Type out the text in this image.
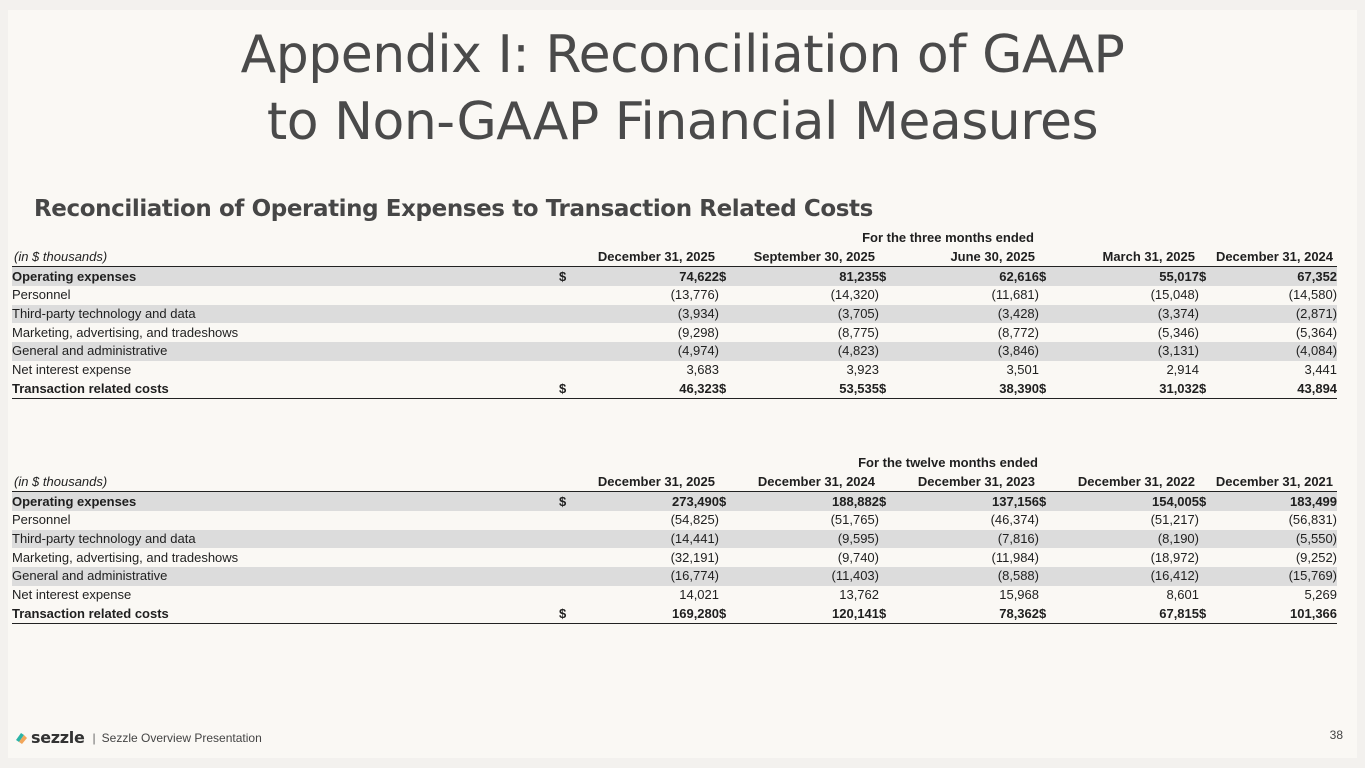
Appendix I: Reconciliation of GAAP
to Non-GAAP Financial Measures
Reconciliation of Operating Expenses to Transaction Related Costs
	For the three months ended									
(in $ thousands)	December 31, 2025		September 30, 2025		June 30, 2025		March 31, 2025		December 31, 2024	
Operating expenses	$	74,622	$	81,235	$	62,616	$	55,017	$	67,352
Personnel		(13,776)		(14,320)		(11,681)		(15,048)		(14,580)
Third-party technology and data		(3,934)		(3,705)		(3,428)		(3,374)		(2,871)
Marketing, advertising, and tradeshows		(9,298)		(8,775)		(8,772)		(5,346)		(5,364)
General and administrative		(4,974)		(4,823)		(3,846)		(3,131)		(4,084)
Net interest expense		3,683		3,923		3,501		2,914		3,441
Transaction related costs	$	46,323	$	53,535	$	38,390	$	31,032	$	43,894
	For the twelve months ended									
(in $ thousands)	December 31, 2025		December 31, 2024		December 31, 2023		December 31, 2022		December 31, 2021	
Operating expenses	$	273,490	$	188,882	$	137,156	$	154,005	$	183,499
Personnel		(54,825)		(51,765)		(46,374)		(51,217)		(56,831)
Third-party technology and data		(14,441)		(9,595)		(7,816)		(8,190)		(5,550)
Marketing, advertising, and tradeshows		(32,191)		(9,740)		(11,984)		(18,972)		(9,252)
General and administrative		(16,774)		(11,403)		(8,588)		(16,412)		(15,769)
Net interest expense		14,021		13,762		15,968		8,601		5,269
Transaction related costs	$	169,280	$	120,141	$	78,362	$	67,815	$	101,366
sezzle | Sezzle Overview Presentation	38
